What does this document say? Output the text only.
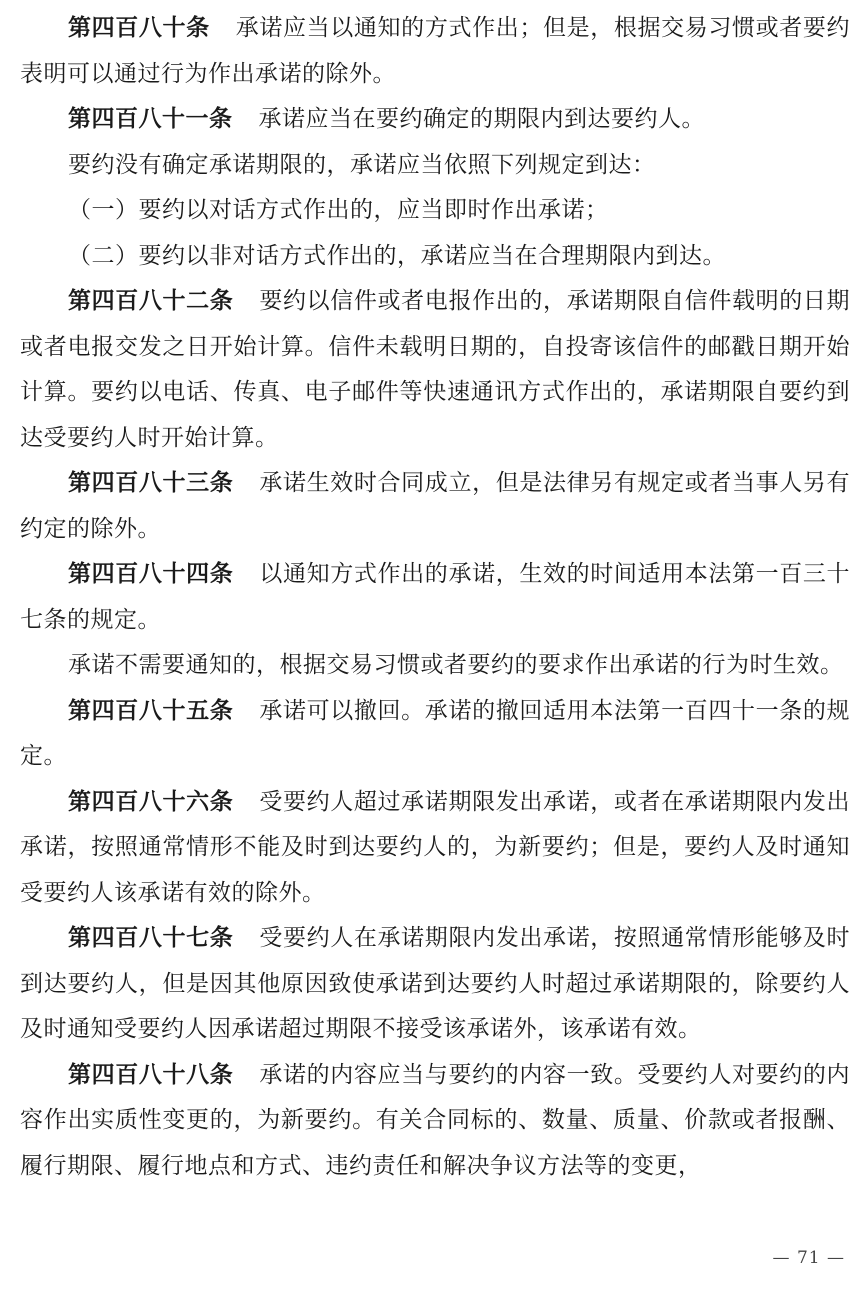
第四百八十条 承诺应当以通知的方式作出；但是，根据交易习惯或者要约表明可以通过行为作出承诺的除外。

第四百八十一条 承诺应当在要约确定的期限内到达要约人。

要约没有确定承诺期限的，承诺应当依照下列规定到达：

（一）要约以对话方式作出的，应当即时作出承诺；

（二）要约以非对话方式作出的，承诺应当在合理期限内到达。

第四百八十二条 要约以信件或者电报作出的，承诺期限自信件载明的日期或者电报交发之日开始计算。信件未载明日期的，自投寄该信件的邮戳日期开始计算。要约以电话、传真、电子邮件等快速通讯方式作出的，承诺期限自要约到达受要约人时开始计算。

第四百八十三条 承诺生效时合同成立，但是法律另有规定或者当事人另有约定的除外。

第四百八十四条 以通知方式作出的承诺，生效的时间适用本法第一百三十七条的规定。

承诺不需要通知的，根据交易习惯或者要约的要求作出承诺的行为时生效。

第四百八十五条 承诺可以撤回。承诺的撤回适用本法第一百四十一条的规定。

第四百八十六条 受要约人超过承诺期限发出承诺，或者在承诺期限内发出承诺，按照通常情形不能及时到达要约人的，为新要约；但是，要约人及时通知受要约人该承诺有效的除外。

第四百八十七条 受要约人在承诺期限内发出承诺，按照通常情形能够及时到达要约人，但是因其他原因致使承诺到达要约人时超过承诺期限的，除要约人及时通知受要约人因承诺超过期限不接受该承诺外，该承诺有效。

第四百八十八条 承诺的内容应当与要约的内容一致。受要约人对要约的内容作出实质性变更的，为新要约。有关合同标的、数量、质量、价款或者报酬、履行期限、履行地点和方式、违约责任和解决争议方法等的变更，

— 71 —
